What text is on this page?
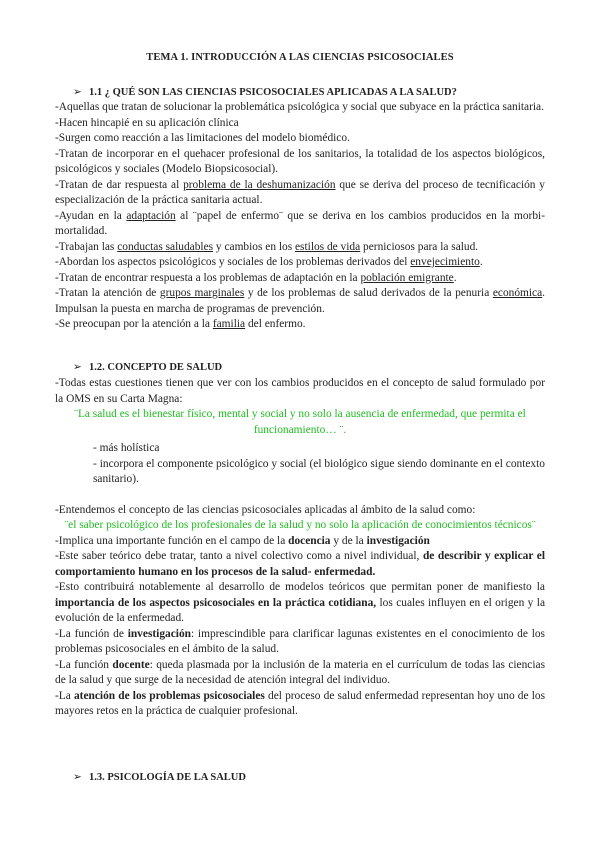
TEMA 1. INTRODUCCIÓN A LAS CIENCIAS PSICOSOCIALES
➢ 1.1 ¿ QUÉ SON LAS CIENCIAS PSICOSOCIALES APLICADAS A LA SALUD?
-Aquellas que tratan de solucionar la problemática psicológica y social que subyace en la práctica sanitaria.
-Hacen hincapié en su aplicación clínica
-Surgen como reacción a las limitaciones del modelo biomédico.
-Tratan de incorporar en el quehacer profesional de los sanitarios, la totalidad de los aspectos biológicos, psicológicos y sociales (Modelo Biopsicosocial).
-Tratan de dar respuesta al problema de la deshumanización que se deriva del proceso de tecnificación y especialización de la práctica sanitaria actual.
-Ayudan en la adaptación al ¨papel de enfermo¨ que se deriva en los cambios producidos en la morbi-mortalidad.
-Trabajan las conductas saludables y cambios en los estilos de vida perniciosos para la salud.
-Abordan los aspectos psicológicos y sociales de los problemas derivados del envejecimiento.
-Tratan de encontrar respuesta a los problemas de adaptación en la población emigrante.
-Tratan la atención de grupos marginales y de los problemas de salud derivados de la penuria económica. Impulsan la puesta en marcha de programas de prevención.
-Se preocupan por la atención a la familia del enfermo.
➢ 1.2. CONCEPTO DE SALUD
-Todas estas cuestiones tienen que ver con los cambios producidos en el concepto de salud formulado por la OMS en su Carta Magna:
¨La salud es el bienestar físico, mental y social y no solo la ausencia de enfermedad, que permita el funcionamiento… ¨.
- más holística
- incorpora el componente psicológico y social (el biológico sigue siendo dominante en el contexto sanitario).
-Entendemos el concepto de las ciencias psicosociales aplicadas al ámbito de la salud como:
¨el saber psicológico de los profesionales de la salud y no solo la aplicación de conocimientos técnicos¨
-Implica una importante función en el campo de la docencia y de la investigación
-Este saber teórico debe tratar, tanto a nivel colectivo como a nivel individual, de describir y explicar el comportamiento humano en los procesos de la salud- enfermedad.
-Esto contribuirá notablemente al desarrollo de modelos teóricos que permitan poner de manifiesto la importancia de los aspectos psicosociales en la práctica cotidiana, los cuales influyen en el origen y la evolución de la enfermedad.
-La función de investigación: imprescindible para clarificar lagunas existentes en el conocimiento de los problemas psicosociales en el ámbito de la salud.
-La función docente: queda plasmada por la inclusión de la materia en el currículum de todas las ciencias de la salud y que surge de la necesidad de atención integral del individuo.
-La atención de los problemas psicosociales del proceso de salud enfermedad representan hoy uno de los mayores retos en la práctica de cualquier profesional.
➢ 1.3. PSICOLOGÍA DE LA SALUD
